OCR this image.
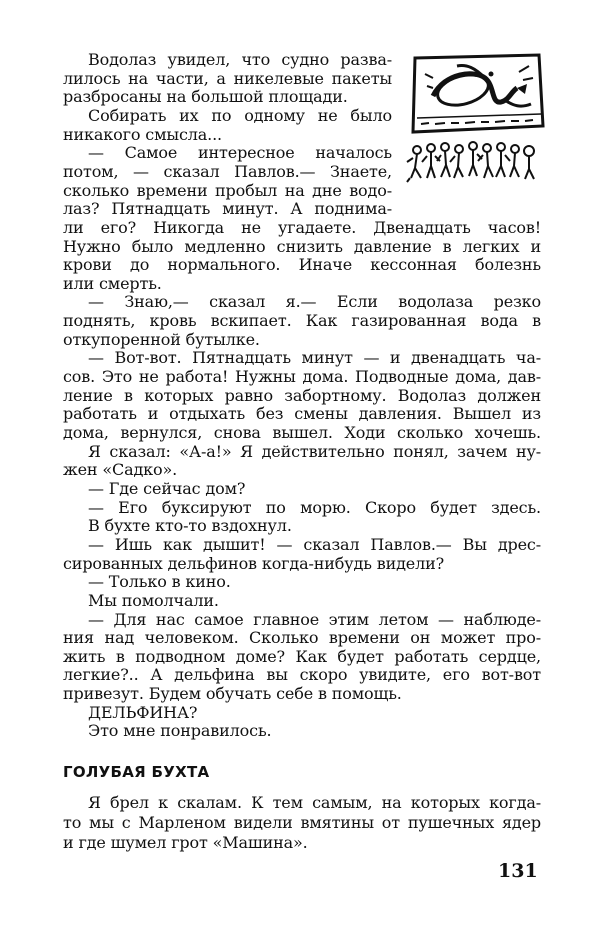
Водолаз увидел, что судно разва-
лилось на части, а никелевые пакеты
разбросаны на большой площади.
Собирать их по одному не было
никакого смысла...
— Самое интересное началось
потом, — сказал Павлов.— Знаете,
сколько времени пробыл на дне водо-
лаз? Пятнадцать минут. А поднима-
ли его? Никогда не угадаете. Двенадцать часов!
Нужно было медленно снизить давление в легких и
крови до нормального. Иначе кессонная болезнь
или смерть.
— Знаю,— сказал я.— Если водолаза резко
поднять, кровь вскипает. Как газированная вода в
откупоренной бутылке.
— Вот-вот. Пятнадцать минут — и двенадцать ча-
сов. Это не работа! Нужны дома. Подводные дома, дав-
ление в которых равно забортному. Водолаз должен
работать и отдыхать без смены давления. Вышел из
дома, вернулся, снова вышел. Ходи сколько хочешь.
Я сказал: «А-а!» Я действительно понял, зачем ну-
жен «Садко».
— Где сейчас дом?
— Его буксируют по морю. Скоро будет здесь.
В бухте кто-то вздохнул.
— Ишь как дышит! — сказал Павлов.— Вы дрес-
сированных дельфинов когда-нибудь видели?
— Только в кино.
Мы помолчали.
— Для нас самое главное этим летом — наблюде-
ния над человеком. Сколько времени он может про-
жить в подводном доме? Как будет работать сердце,
легкие?.. А дельфина вы скоро увидите, его вот-вот
привезут. Будем обучать себе в помощь.
ДЕЛЬФИНА?
Это мне понравилось.
ГОЛУБАЯ БУХТА
Я брел к скалам. К тем самым, на которых когда-
то мы с Марленом видели вмятины от пушечных ядер
и где шумел грот «Машина».
131
